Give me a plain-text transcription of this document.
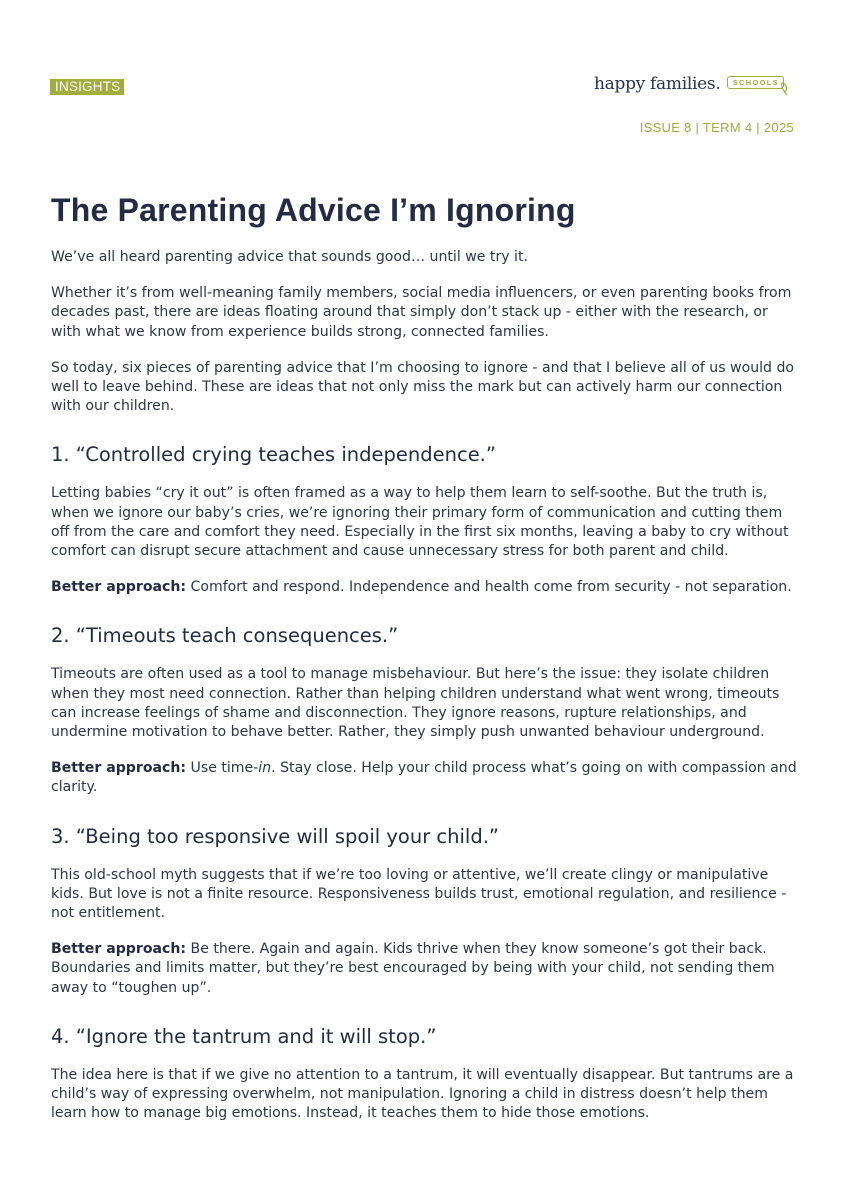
INSIGHTS	happy families .	SCHOOLS
ISSUE 8 | TERM 4 | 2025
The Parenting Advice I’m Ignoring

We’ve all heard parenting advice that sounds good… until we try it.

Whether it’s from well-meaning family members, social media influencers, or even parenting books from decades past, there are ideas floating around that simply don’t stack up - either with the research, or with what we know from experience builds strong, connected families.

So today, six pieces of parenting advice that I’m choosing to ignore - and that I believe all of us would do well to leave behind. These are ideas that not only miss the mark but can actively harm our connection with our children.

1. “Controlled crying teaches independence.”

Letting babies “cry it out” is often framed as a way to help them learn to self-soothe. But the truth is, when we ignore our baby’s cries, we’re ignoring their primary form of communication and cutting them off from the care and comfort they need. Especially in the first six months, leaving a baby to cry without comfort can disrupt secure attachment and cause unnecessary stress for both parent and child.

Better approach: Comfort and respond. Independence and health come from security - not separation.

2. “Timeouts teach consequences.”

Timeouts are often used as a tool to manage misbehaviour. But here’s the issue: they isolate children when they most need connection. Rather than helping children understand what went wrong, timeouts can increase feelings of shame and disconnection. They ignore reasons, rupture relationships, and undermine motivation to behave better. Rather, they simply push unwanted behaviour underground.

Better approach: Use time-in. Stay close. Help your child process what’s going on with compassion and clarity.

3. “Being too responsive will spoil your child.”

This old-school myth suggests that if we’re too loving or attentive, we’ll create clingy or manipulative kids. But love is not a finite resource. Responsiveness builds trust, emotional regulation, and resilience - not entitlement.

Better approach: Be there. Again and again. Kids thrive when they know someone’s got their back. Boundaries and limits matter, but they’re best encouraged by being with your child, not sending them away to “toughen up”.

4. “Ignore the tantrum and it will stop.”

The idea here is that if we give no attention to a tantrum, it will eventually disappear. But tantrums are a child’s way of expressing overwhelm, not manipulation. Ignoring a child in distress doesn’t help them learn how to manage big emotions. Instead, it teaches them to hide those emotions.
